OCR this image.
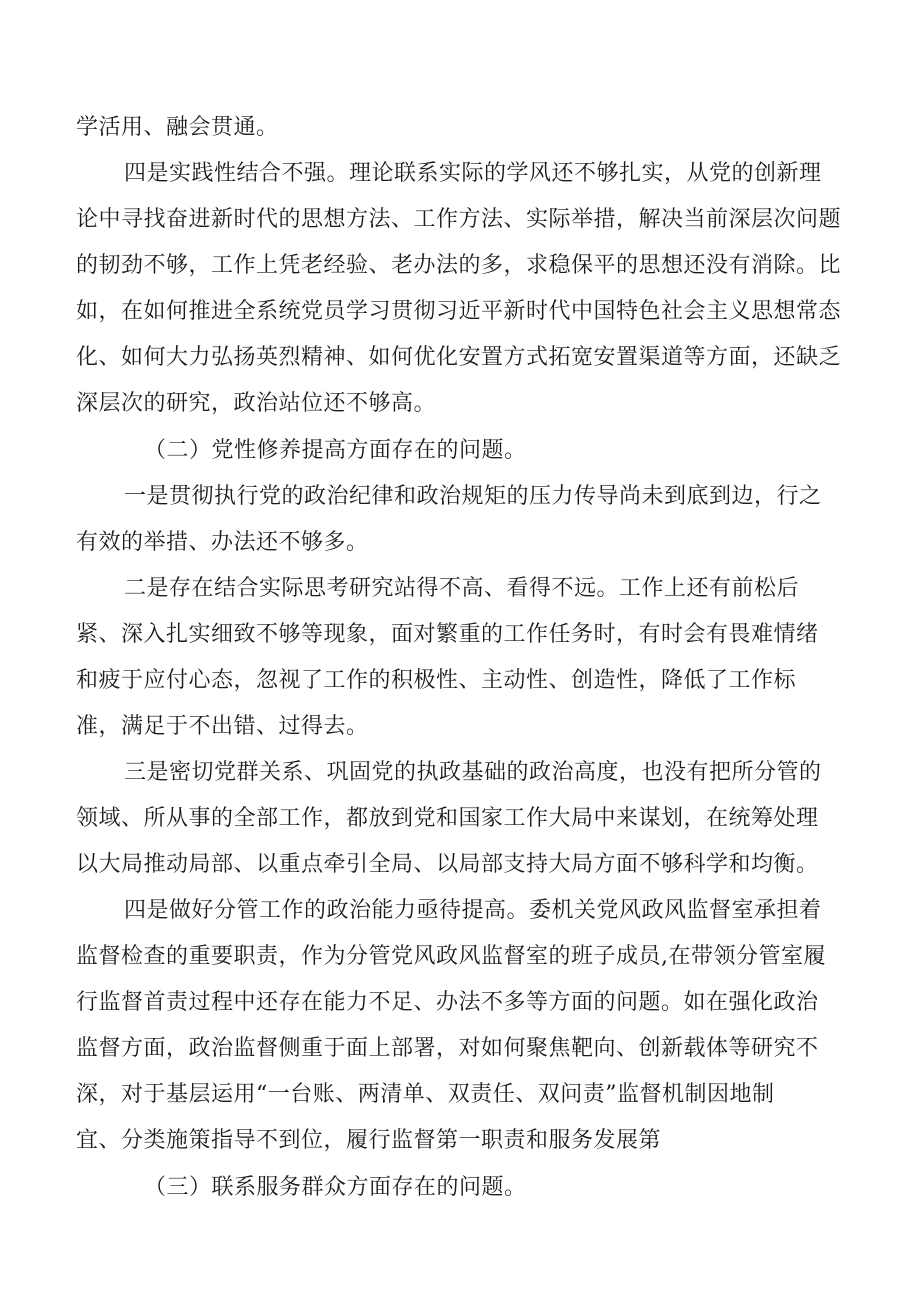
学活用、融会贯通。
四是实践性结合不强。理论联系实际的学风还不够扎实，从党的创新理
论中寻找奋进新时代的思想方法、工作方法、实际举措，解决当前深层次问题
的韧劲不够，工作上凭老经验、老办法的多，求稳保平的思想还没有消除。比
如，在如何推进全系统党员学习贯彻习近平新时代中国特色社会主义思想常态
化、如何大力弘扬英烈精神、如何优化安置方式拓宽安置渠道等方面，还缺乏
深层次的研究，政治站位还不够高。
（二）党性修养提高方面存在的问题。
一是贯彻执行党的政治纪律和政治规矩的压力传导尚未到底到边，行之
有效的举措、办法还不够多。
二是存在结合实际思考研究站得不高、看得不远。工作上还有前松后
紧、深入扎实细致不够等现象，面对繁重的工作任务时，有时会有畏难情绪
和疲于应付心态，忽视了工作的积极性、主动性、创造性，降低了工作标
准，满足于不出错、过得去。
三是密切党群关系、巩固党的执政基础的政治高度，也没有把所分管的
领域、所从事的全部工作，都放到党和国家工作大局中来谋划，在统筹处理
以大局推动局部、以重点牵引全局、以局部支持大局方面不够科学和均衡。
四是做好分管工作的政治能力亟待提高。委机关党风政风监督室承担着
监督检查的重要职责，作为分管党风政风监督室的班子成员,在带领分管室履
行监督首责过程中还存在能力不足、办法不多等方面的问题。如在强化政治
监督方面，政治监督侧重于面上部署，对如何聚焦靶向、创新载体等研究不
深，对于基层运用“一台账、两清单、双责任、双问责”监督机制因地制
宜、分类施策指导不到位，履行监督第一职责和服务发展第
（三）联系服务群众方面存在的问题。
